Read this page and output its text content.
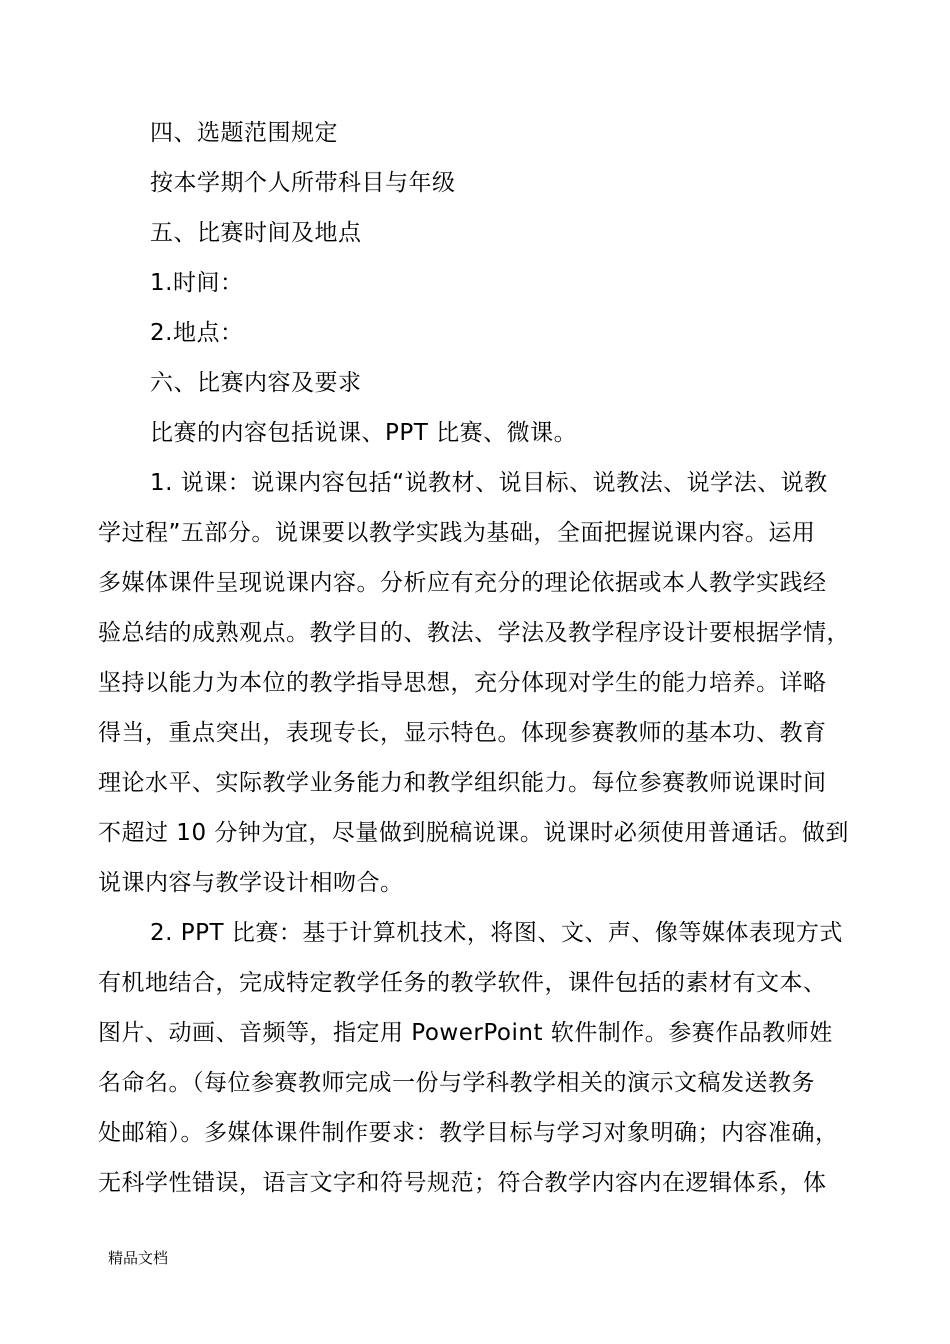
四、选题范围规定

按本学期个人所带科目与年级

五、比赛时间及地点

1.时间：

2.地点：

六、比赛内容及要求

比赛的内容包括说课、PPT 比赛、微课。

1. 说课：说课内容包括“说教材、说目标、说教法、说学法、说教

学过程”五部分。说课要以教学实践为基础，全面把握说课内容。运用

多媒体课件呈现说课内容。分析应有充分的理论依据或本人教学实践经

验总结的成熟观点。教学目的、教法、学法及教学程序设计要根据学情，

坚持以能力为本位的教学指导思想，充分体现对学生的能力培养。详略

得当，重点突出，表现专长，显示特色。体现参赛教师的基本功、教育

理论水平、实际教学业务能力和教学组织能力。每位参赛教师说课时间

不超过 10 分钟为宜，尽量做到脱稿说课。说课时必须使用普通话。做到

说课内容与教学设计相吻合。

2. PPT 比赛：基于计算机技术，将图、文、声、像等媒体表现方式

有机地结合，完成特定教学任务的教学软件，课件包括的素材有文本、

图片、动画、音频等，指定用 PowerPoint 软件制作。参赛作品教师姓

名命名。（每位参赛教师完成一份与学科教学相关的演示文稿发送教务

处邮箱）。多媒体课件制作要求：教学目标与学习对象明确；内容准确，

无科学性错误，语言文字和符号规范；符合教学内容内在逻辑体系，体

精品文档
